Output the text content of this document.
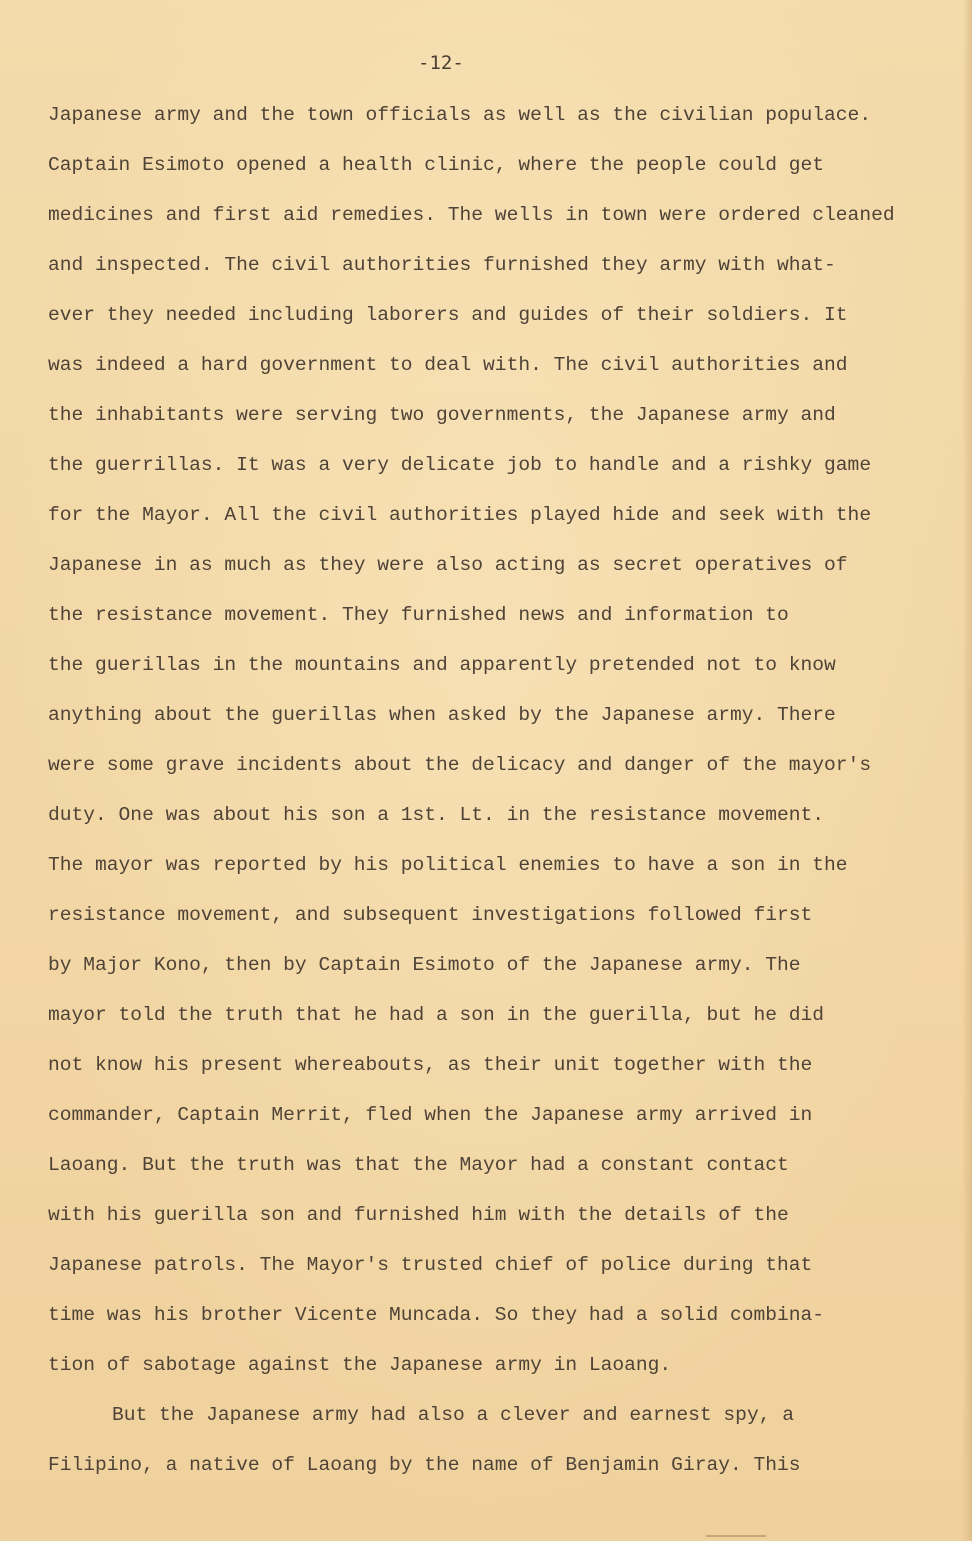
-12-
Japanese army and the town officials as well as the civilian populace.
Captain Esimoto opened a health clinic, where the people could get
medicines and first aid remedies. The wells in town were ordered cleaned
and inspected. The civil authorities furnished they army with what-
ever they needed including laborers and guides of their soldiers. It
was indeed a hard government to deal with. The civil authorities and
the inhabitants were serving two governments, the Japanese army and
the guerrillas. It was a very delicate job to handle and a rishky game
for the Mayor. All the civil authorities played hide and seek with the
Japanese in as much as they were also acting as secret operatives of
the resistance movement. They furnished news and information to
the guerillas in the mountains and apparently pretended not to know
anything about the guerillas when asked by the Japanese army. There
were some grave incidents about the delicacy and danger of the mayor's
duty. One was about his son a 1st. Lt. in the resistance movement.
The mayor was reported by his political enemies to have a son in the
resistance movement, and subsequent investigations followed first
by Major Kono, then by Captain Esimoto of the Japanese army. The
mayor told the truth that he had a son in the guerilla, but he did
not know his present whereabouts, as their unit together with the
commander, Captain Merrit, fled when the Japanese army arrived in
Laoang. But the truth was that the Mayor had a constant contact
with his guerilla son and furnished him with the details of the
Japanese patrols. The Mayor's trusted chief of police during that
time was his brother Vicente Muncada. So they had a solid combina-
tion of sabotage against the Japanese army in Laoang.
But the Japanese army had also a clever and earnest spy, a
Filipino, a native of Laoang by the name of Benjamin Giray. This
